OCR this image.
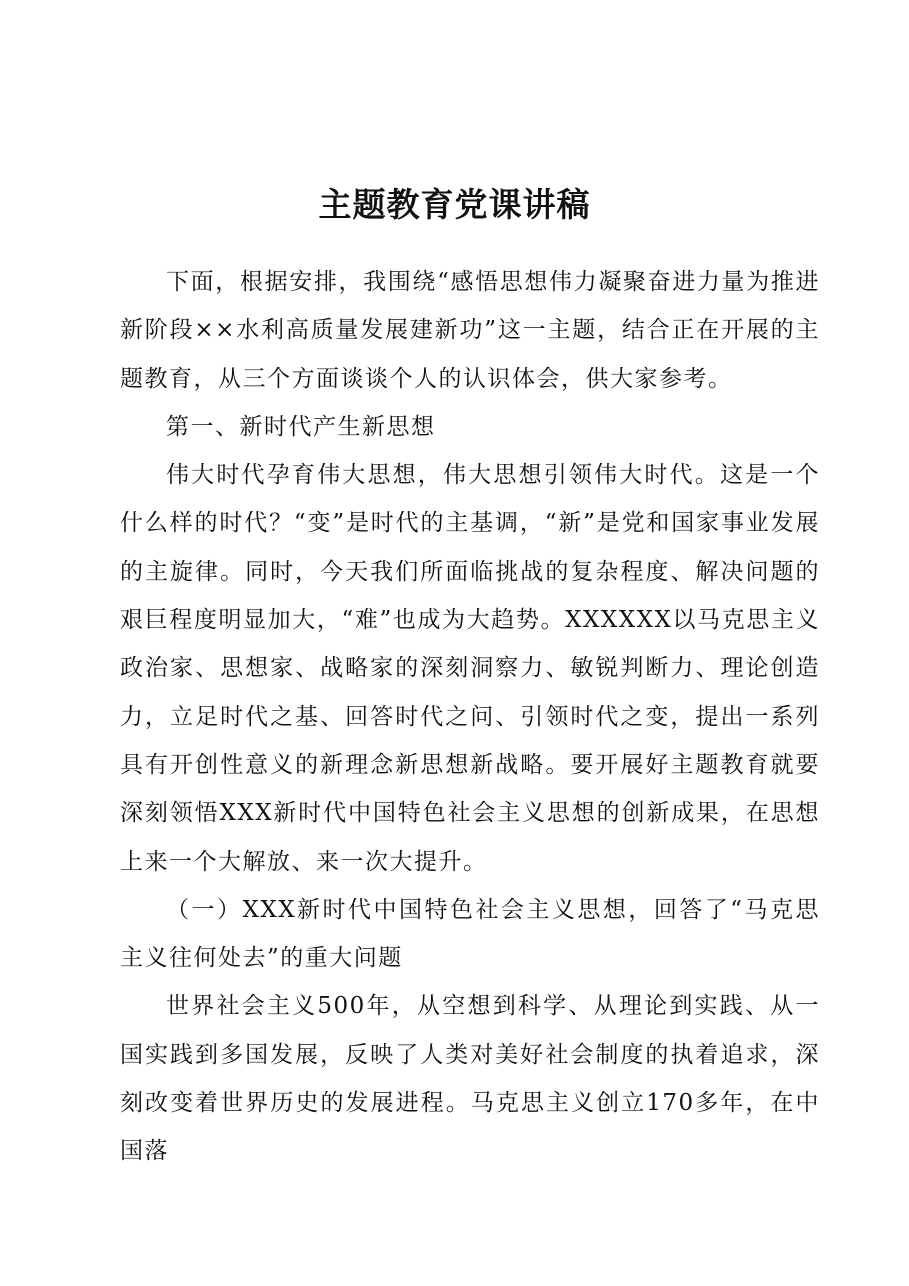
主题教育党课讲稿

下面，根据安排，我围绕“感悟思想伟力凝聚奋进力量为推进新阶段××水利高质量发展建新功”这一主题，结合正在开展的主题教育，从三个方面谈谈个人的认识体会，供大家参考。

第一、新时代产生新思想

伟大时代孕育伟大思想，伟大思想引领伟大时代。这是一个什么样的时代？“变”是时代的主基调，“新”是党和国家事业发展的主旋律。同时，今天我们所面临挑战的复杂程度、解决问题的艰巨程度明显加大，“难”也成为大趋势。XXXXXX以马克思主义政治家、思想家、战略家的深刻洞察力、敏锐判断力、理论创造力，立足时代之基、回答时代之问、引领时代之变，提出一系列具有开创性意义的新理念新思想新战略。要开展好主题教育就要深刻领悟XXX新时代中国特色社会主义思想的创新成果，在思想上来一个大解放、来一次大提升。

（一）XXX新时代中国特色社会主义思想，回答了“马克思主义往何处去”的重大问题

世界社会主义500年，从空想到科学、从理论到实践、从一国实践到多国发展，反映了人类对美好社会制度的执着追求，深刻改变着世界历史的发展进程。马克思主义创立170多年，在中国落
